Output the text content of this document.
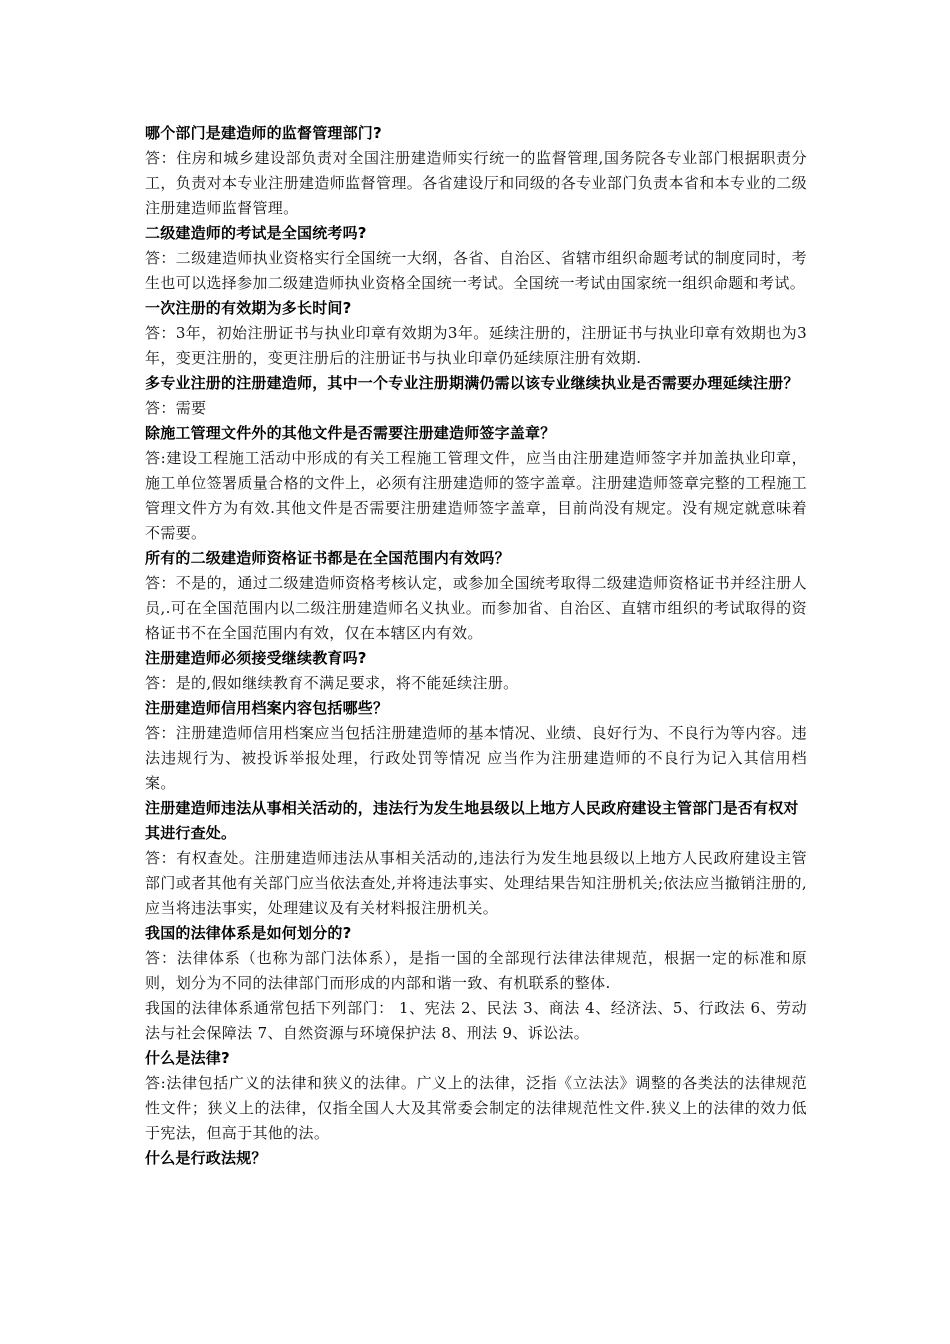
哪个部门是建造师的监督管理部门?

答：住房和城乡建设部负责对全国注册建造师实行统一的监督管理,国务院各专业部门根据职责分工，负责对本专业注册建造师监督管理。各省建设厅和同级的各专业部门负责本省和本专业的二级注册建造师监督管理。

二级建造师的考试是全国统考吗?

答：二级建造师执业资格实行全国统一大纲，各省、自治区、省辖市组织命题考试的制度同时，考生也可以选择参加二级建造师执业资格全国统一考试。全国统一考试由国家统一组织命题和考试。

一次注册的有效期为多长时间?

答：3年，初始注册证书与执业印章有效期为3年。延续注册的，注册证书与执业印章有效期也为3年，变更注册的，变更注册后的注册证书与执业印章仍延续原注册有效期.

多专业注册的注册建造师，其中一个专业注册期满仍需以该专业继续执业是否需要办理延续注册？

答：需要

除施工管理文件外的其他文件是否需要注册建造师签字盖章？

答:建设工程施工活动中形成的有关工程施工管理文件，应当由注册建造师签字并加盖执业印章，施工单位签署质量合格的文件上，必须有注册建造师的签字盖章。注册建造师签章完整的工程施工管理文件方为有效.其他文件是否需要注册建造师签字盖章，目前尚没有规定。没有规定就意味着不需要。

所有的二级建造师资格证书都是在全国范围内有效吗？

答：不是的，通过二级建造师资格考核认定，或参加全国统考取得二级建造师资格证书并经注册人员,.可在全国范围内以二级注册建造师名义执业。而参加省、自治区、直辖市组织的考试取得的资格证书不在全国范围内有效，仅在本辖区内有效。

注册建造师必须接受继续教育吗?

答：是的,假如继续教育不满足要求，将不能延续注册。

注册建造师信用档案内容包括哪些？

答：注册建造师信用档案应当包括注册建造师的基本情况、业绩、良好行为、不良行为等内容。违法违规行为、被投诉举报处理，行政处罚等情况 应当作为注册建造师的不良行为记入其信用档案。

注册建造师违法从事相关活动的，违法行为发生地县级以上地方人民政府建设主管部门是否有权对其进行查处。

答：有权查处。注册建造师违法从事相关活动的,违法行为发生地县级以上地方人民政府建设主管部门或者其他有关部门应当依法查处,并将违法事实、处理结果告知注册机关;依法应当撤销注册的,应当将违法事实，处理建议及有关材料报注册机关。

我国的法律体系是如何划分的?

答：法律体系（也称为部门法体系），是指一国的全部现行法律法律规范，根据一定的标准和原则，划分为不同的法律部门而形成的内部和谐一致、有机联系的整体.

我国的法律体系通常包括下列部门： 1、宪法 2、民法 3、商法 4、经济法、5、行政法 6、劳动法与社会保障法 7、自然资源与环境保护法 8、刑法 9、诉讼法。

什么是法律?

答:法律包括广义的法律和狭义的法律。广义上的法律，泛指《立法法》调整的各类法的法律规范性文件；狭义上的法律，仅指全国人大及其常委会制定的法律规范性文件.狭义上的法律的效力低于宪法，但高于其他的法。

什么是行政法规？
